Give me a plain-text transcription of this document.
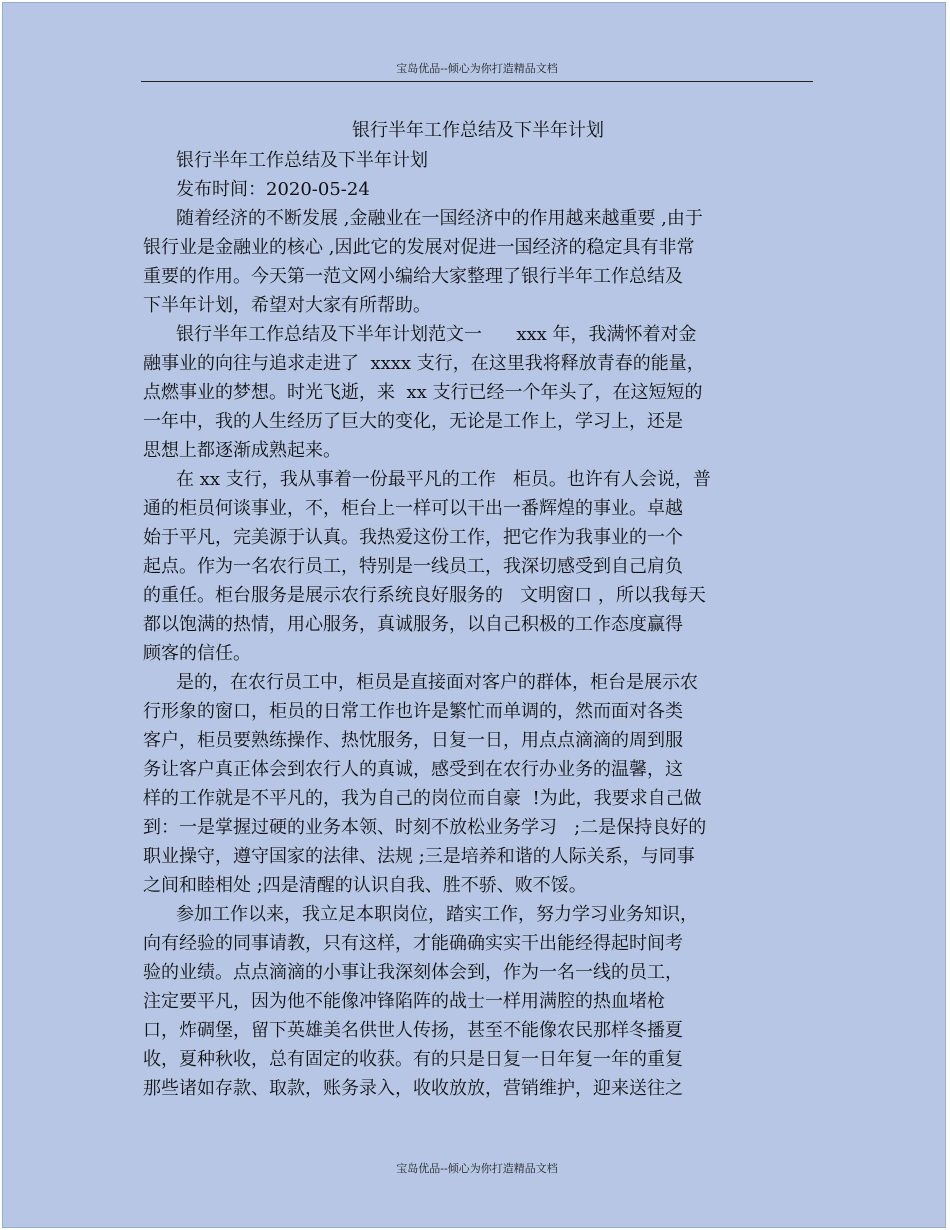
宝岛优品--倾心为你打造精品文档
银行半年工作总结及下半年计划
银行半年工作总结及下半年计划
发布时间：2020-05-24
随着经济的不断发展 ,金融业在一国经济中的作用越来越重要 ,由于
银行业是金融业的核心 ,因此它的发展对促进一国经济的稳定具有非常
重要的作用。今天第一范文网小编给大家整理了银行半年工作总结及
下半年计划，希望对大家有所帮助。
银行半年工作总结及下半年计划范文一      xxx 年，我满怀着对金
融事业的向往与追求走进了  xxxx 支行，在这里我将释放青春的能量，
点燃事业的梦想。时光飞逝，来  xx 支行已经一个年头了，在这短短的
一年中，我的人生经历了巨大的变化，无论是工作上，学习上，还是
思想上都逐渐成熟起来。
在 xx 支行，我从事着一份最平凡的工作   柜员。也许有人会说，普
通的柜员何谈事业，不，柜台上一样可以干出一番辉煌的事业。卓越
始于平凡，完美源于认真。我热爱这份工作，把它作为我事业的一个
起点。作为一名农行员工，特别是一线员工，我深切感受到自己肩负
的重任。柜台服务是展示农行系统良好服务的   文明窗口 ，所以我每天
都以饱满的热情，用心服务，真诚服务，以自己积极的工作态度赢得
顾客的信任。
是的，在农行员工中，柜员是直接面对客户的群体，柜台是展示农
行形象的窗口，柜员的日常工作也许是繁忙而单调的，然而面对各类
客户，柜员要熟练操作、热忱服务，日复一日，用点点滴滴的周到服
务让客户真正体会到农行人的真诚，感受到在农行办业务的温馨，这
样的工作就是不平凡的，我为自己的岗位而自豪  !为此，我要求自己做
到：一是掌握过硬的业务本领、时刻不放松业务学习   ;二是保持良好的
职业操守，遵守国家的法律、法规 ;三是培养和谐的人际关系，与同事
之间和睦相处 ;四是清醒的认识自我、胜不骄、败不馁。
参加工作以来，我立足本职岗位，踏实工作，努力学习业务知识，
向有经验的同事请教，只有这样，才能确确实实干出能经得起时间考
验的业绩。点点滴滴的小事让我深刻体会到，作为一名一线的员工，
注定要平凡，因为他不能像冲锋陷阵的战士一样用满腔的热血堵枪
口，炸碉堡，留下英雄美名供世人传扬，甚至不能像农民那样冬播夏
收，夏种秋收，总有固定的收获。有的只是日复一日年复一年的重复
那些诸如存款、取款，账务录入，收收放放，营销维护，迎来送往之
宝岛优品--倾心为你打造精品文档
